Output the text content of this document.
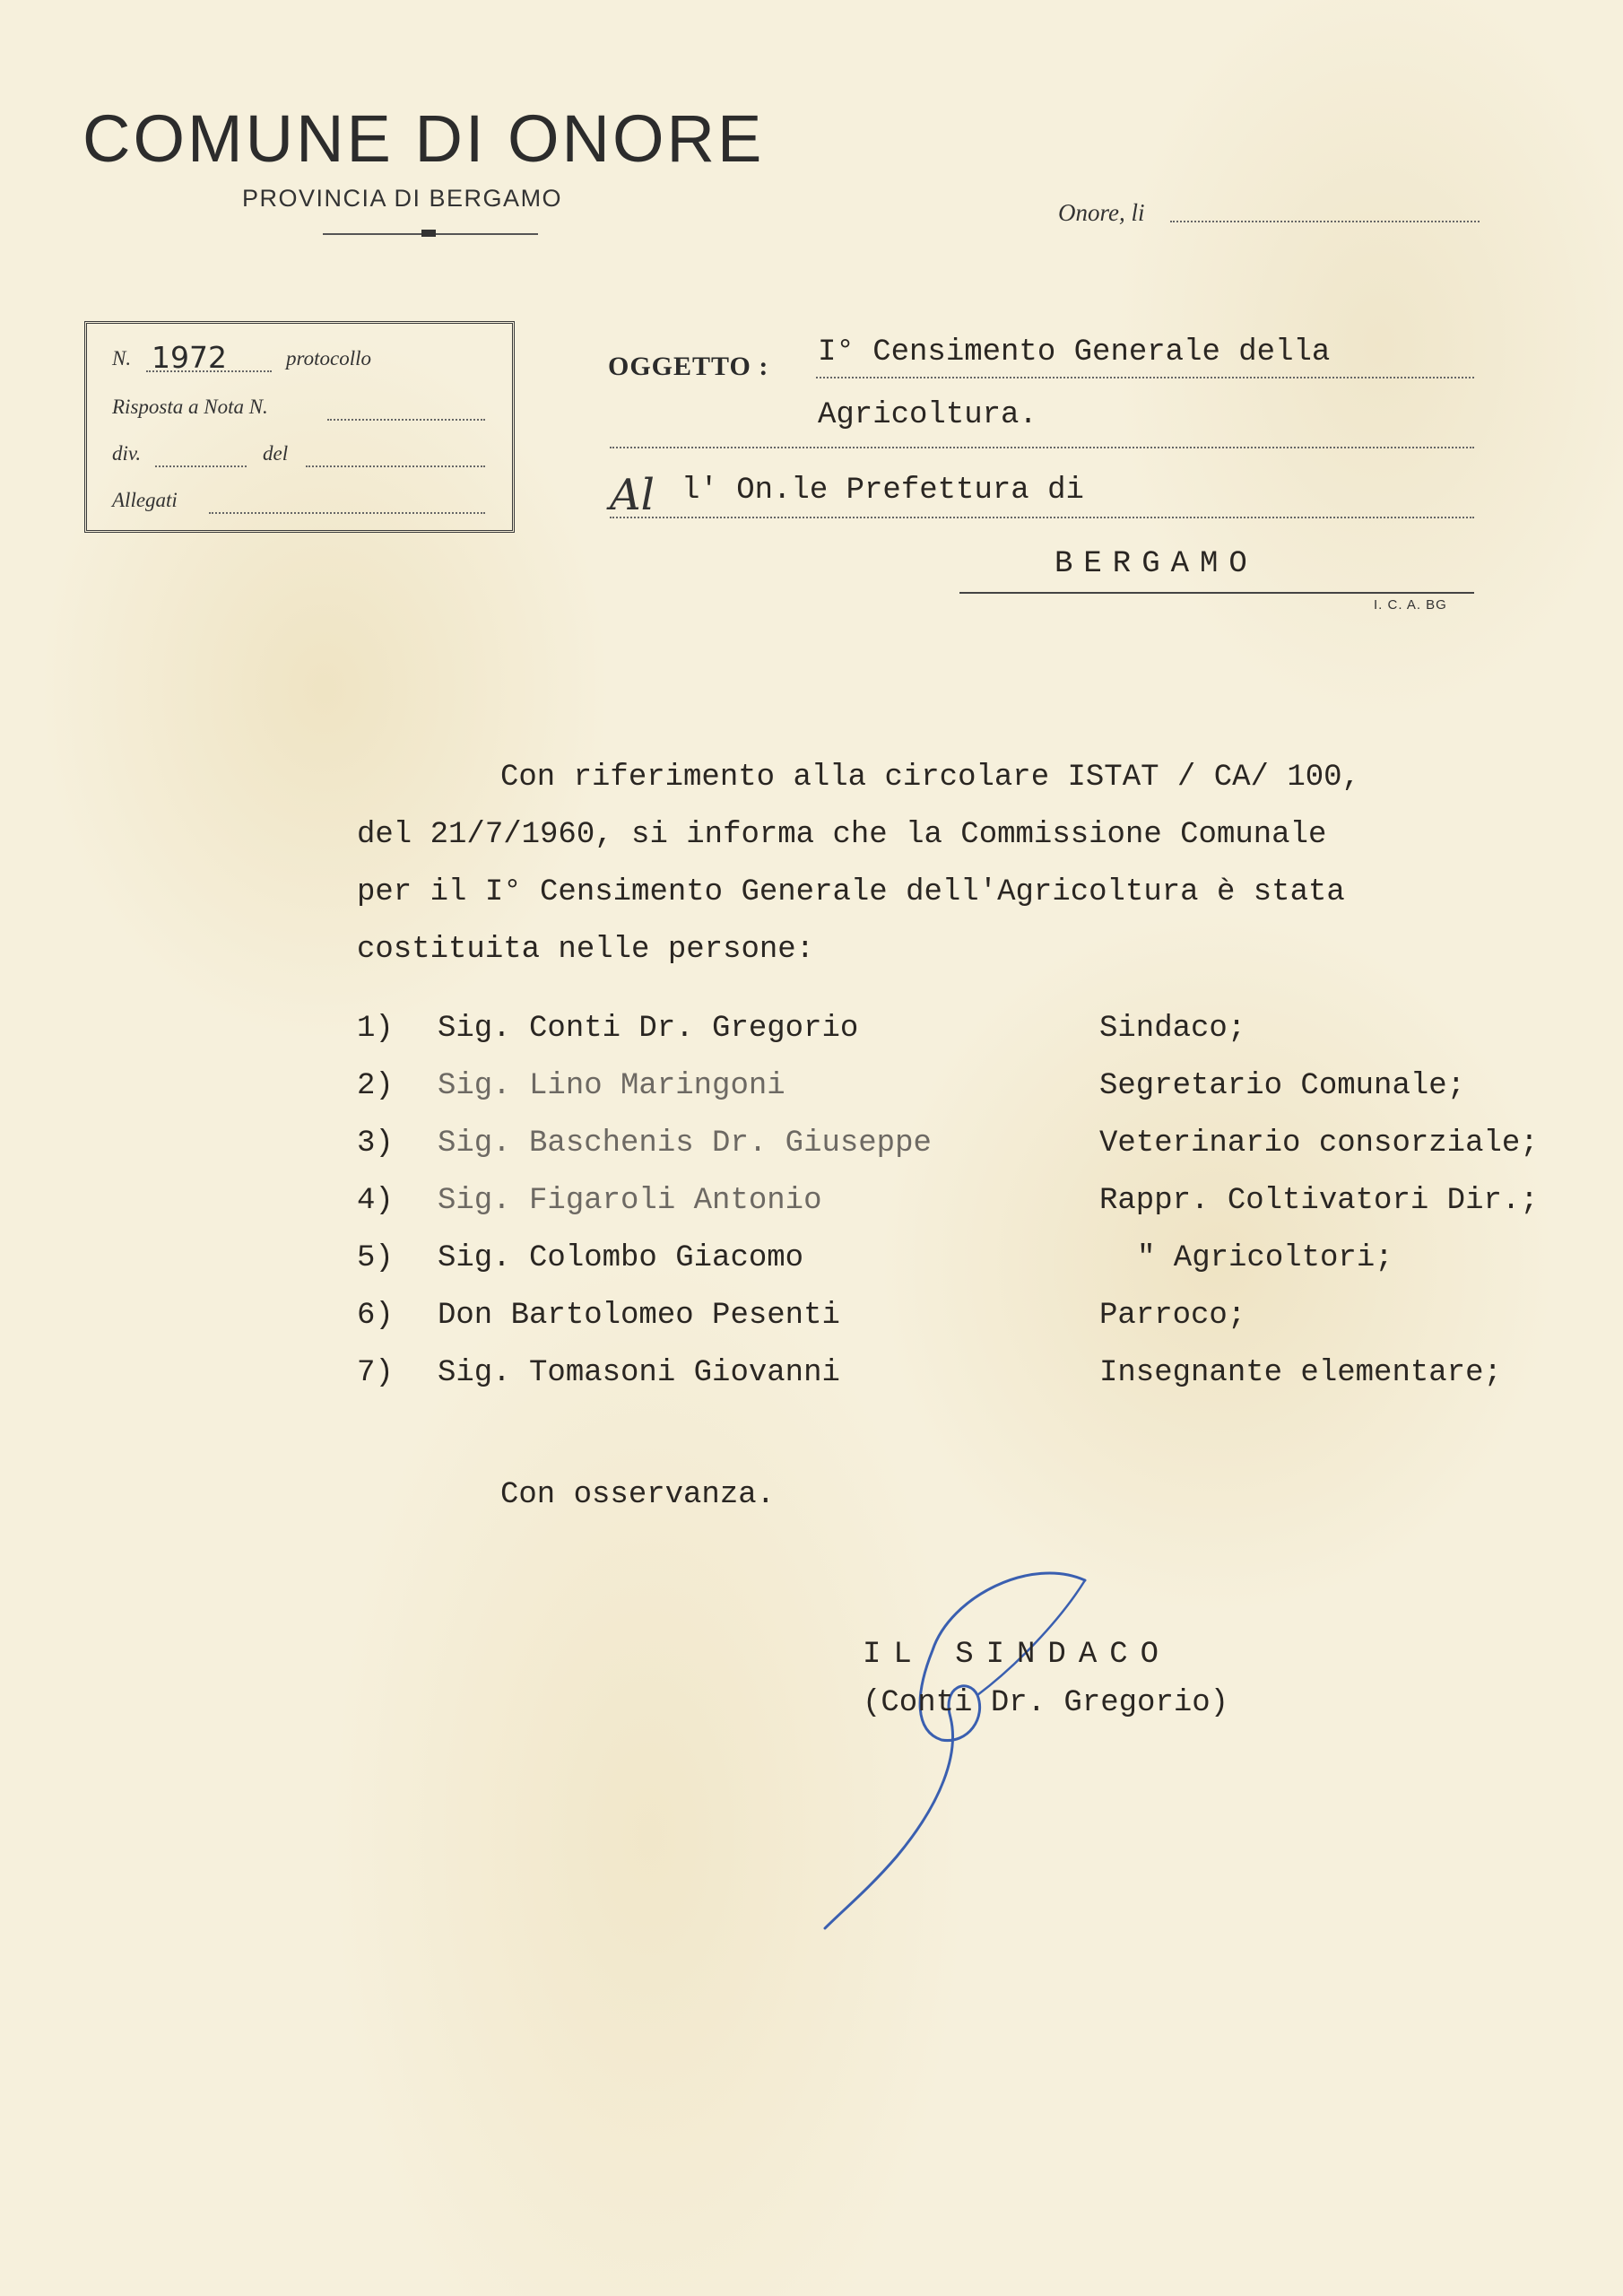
COMUNE DI ONORE
PROVINCIA DI BERGAMO
Onore, li
N. 1972	protocollo
Risposta a Nota N.
div.	del
Allegati
OGGETTO : I° Censimento Generale della
Agricoltura.
Al l' On.le Prefettura di
BERGAMO
I. C. A. BG
Con riferimento alla circolare ISTAT / CA/ 100,
del 21/7/1960, si informa che la Commissione Comunale
per il I° Censimento Generale dell'Agricoltura è stata
costituita nelle persone:
1) Sig. Conti Dr. Gregorio	Sindaco;
2) Sig. Lino Maringoni	Segretario Comunale;
3) Sig. Baschenis Dr. Giuseppe	Veterinario consorziale;
4) Sig. Figaroli Antonio	Rappr. Coltivatori Dir.;
5) Sig. Colombo Giacomo	" Agricoltori;
6) Don Bartolomeo Pesenti	Parroco;
7) Sig. Tomasoni Giovanni	Insegnante elementare;
Con osservanza.
IL SINDACO
(Conti Dr. Gregorio)
